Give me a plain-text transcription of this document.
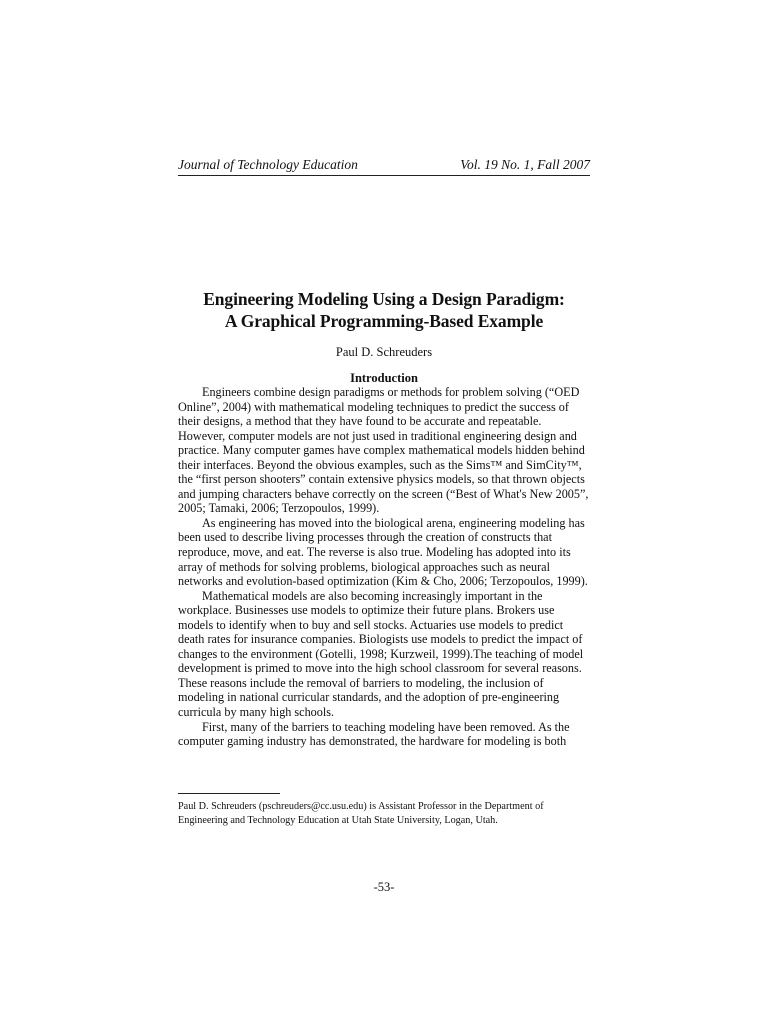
Journal of Technology Education	Vol. 19 No. 1, Fall 2007
Engineering Modeling Using a Design Paradigm:
A Graphical Programming-Based Example
Paul D. Schreuders
Introduction

Engineers combine design paradigms or methods for problem solving (“OED Online”, 2004) with mathematical modeling techniques to predict the success of their designs, a method that they have found to be accurate and repeatable. However, computer models are not just used in traditional engineering design and practice. Many computer games have complex mathematical models hidden behind their interfaces. Beyond the obvious examples, such as the Sims™ and SimCity™, the “first person shooters” contain extensive physics models, so that thrown objects and jumping characters behave correctly on the screen (“Best of What's New 2005”, 2005; Tamaki, 2006; Terzopoulos, 1999).

As engineering has moved into the biological arena, engineering modeling has been used to describe living processes through the creation of constructs that reproduce, move, and eat. The reverse is also true. Modeling has adopted into its array of methods for solving problems, biological approaches such as neural networks and evolution-based optimization (Kim & Cho, 2006; Terzopoulos, 1999).

Mathematical models are also becoming increasingly important in the workplace. Businesses use models to optimize their future plans. Brokers use models to identify when to buy and sell stocks. Actuaries use models to predict death rates for insurance companies. Biologists use models to predict the impact of changes to the environment (Gotelli, 1998; Kurzweil, 1999).The teaching of model development is primed to move into the high school classroom for several reasons. These reasons include the removal of barriers to modeling, the inclusion of modeling in national curricular standards, and the adoption of pre-engineering curricula by many high schools.

First, many of the barriers to teaching modeling have been removed. As the computer gaming industry has demonstrated, the hardware for modeling is both

Paul D. Schreuders (pschreuders@cc.usu.edu) is Assistant Professor in the Department of Engineering and Technology Education at Utah State University, Logan, Utah.
-53-
